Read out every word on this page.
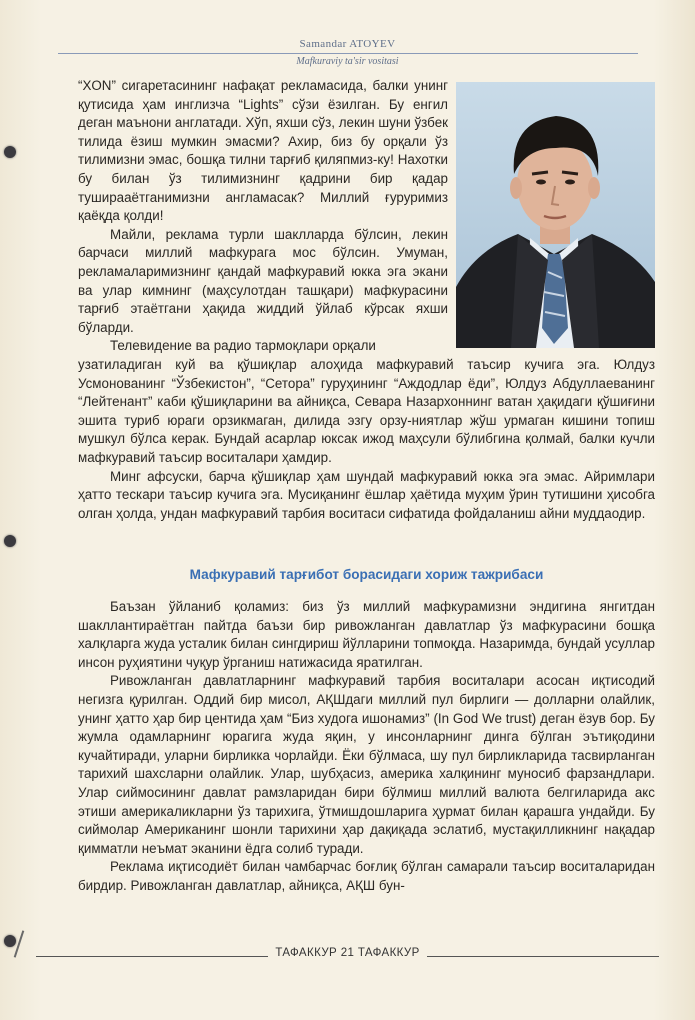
Samandar ATOYEV
Mafkuraviy ta'sir vositasi

“XON” сигаретасининг нафақат рекламасида, балки унинг қутисида ҳам инглизча “Lights” сўзи ёзилган. Бу енгил деган маънони англатади. Хўп, яхши сўз, лекин шуни ўзбек тилида ёзиш мумкин эмасми? Ахир, биз бу орқали ўз тилимизни эмас, бошқа тилни тарғиб қиляпмиз-ку! Нахотки бу билан ўз тилимизнинг қадрини бир қадар туширааётганимизни англамасак? Миллий ғуруримиз қаёқда қолди!

Майли, реклама турли шаклларда бўлсин, лекин барчаси миллий мафкурага мос бўлсин. Умуман, рекламаларимизнинг қандай мафкуравий юкка эга экани ва улар кимнинг (маҳсулотдан ташқари) мафкурасини тарғиб этаётгани ҳақида жиддий ўйлаб кўрсак яхши бўларди.

Телевидение ва радио тармоқлари орқали

узатиладиган куй ва қўшиқлар алоҳида мафкуравий таъсир кучига эга. Юлдуз Усмонованинг “Ўзбекистон”, “Сетора” гуруҳининг “Аждодлар ёди”, Юлдуз Абдуллаеванинг “Лейтенант” каби қўшиқларини ва айниқса, Севара Назархоннинг ватан ҳақидаги қўшиғини эшита туриб юраги орзикмаган, дилида эзгу орзу-ниятлар жўш урмаган кишини топиш мушкул бўлса керак. Бундай асарлар юксак ижод маҳсули бўлибгина қолмай, балки кучли мафкуравий таъсир воситалари ҳамдир.

Минг афсуски, барча қўшиқлар ҳам шундай мафкуравий юкка эга эмас. Айримлари ҳатто тескари таъсир кучига эга. Мусиқанинг ёшлар ҳаётида муҳим ўрин тутишини ҳисобга олган ҳолда, ундан мафкуравий тарбия воситаси сифатида фойдаланиш айни муддаодир.

Мафкуравий тарғибот борасидаги хориж тажрибаси

Баъзан ўйланиб қоламиз: биз ўз миллий мафкурамизни эндигина янгитдан шакллантираётган пайтда баъзи бир ривожланган давлатлар ўз мафкурасини бошқа халқларга жуда усталик билан сингдириш йўлларини топмоқда. Назаримда, бундай усуллар инсон руҳиятини чуқур ўрганиш натижасида яратилган.

Ривожланган давлатларнинг мафкуравий тарбия воситалари асосан иқтисодий негизга қурилган. Оддий бир мисол, АҚШдаги миллий пул бирлиги — долларни олайлик, унинг ҳатто ҳар бир центида ҳам “Биз худога ишонамиз” (In God We trust) деган ёзув бор. Бу жумла одамларнинг юрагига жуда яқин, у инсонларнинг динга бўлган эътиқодини кучайтиради, уларни бирликка чорлайди. Ёки бўлмаса, шу пул бирликларида тасвирланган тарихий шахсларни олайлик. Улар, шубҳасиз, америка халқининг муносиб фарзандлари. Улар сиймосининг давлат рамзларидан бири бўлмиш миллий валюта белгиларида акс этиши америкаликларни ўз тарихига, ўтмишдошларига ҳурмат билан қарашга ундайди. Бу сиймолар Американинг шонли тарихини ҳар дақиқада эслатиб, мустақилликнинг нақадар қимматли неъмат эканини ёдга солиб туради.

Реклама иқтисодиёт билан чамбарчас боғлиқ бўлган самарали таъсир воситаларидан бирдир. Ривожланган давлатлар, айниқса, АҚШ бун-

ТАФАККУР 21 ТАФАККУР
